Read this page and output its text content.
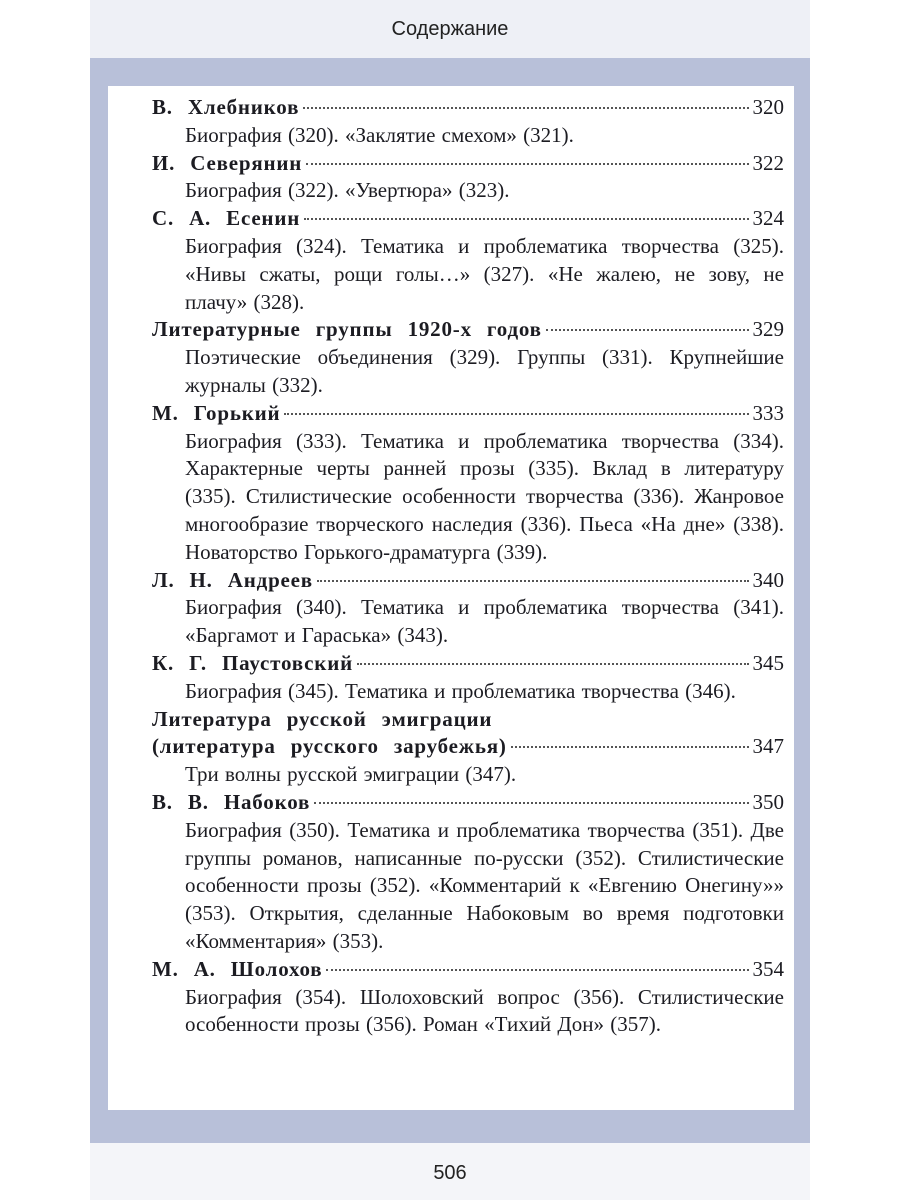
Содержание
В. Хлебников	320
Биография (320). «Заклятие смехом» (321).
И. Северянин	322
Биография (322). «Увертюра» (323).
С. А. Есенин	324
Биография (324). Тематика и проблематика творчества (325). «Нивы сжаты, рощи голы…» (327). «Не жалею, не зову, не плачу» (328).
Литературные группы 1920-х годов	329
Поэтические объединения (329). Группы (331). Крупнейшие журналы (332).
М. Горький	333
Биография (333). Тематика и проблематика творчества (334). Характерные черты ранней прозы (335). Вклад в литературу (335). Стилистические особенности творчества (336). Жанровое многообразие творческого наследия (336). Пьеса «На дне» (338). Новаторство Горького-драматурга (339).
Л. Н. Андреев	340
Биография (340). Тематика и проблематика творчества (341). «Баргамот и Гараська» (343).
К. Г. Паустовский	345
Биография (345). Тематика и проблематика творчества (346).
Литература русской эмиграции
(литература русского зарубежья)	347
Три волны русской эмиграции (347).
В. В. Набоков	350
Биография (350). Тематика и проблематика творчества (351). Две группы романов, написанные по-русски (352). Стилистические особенности прозы (352). «Комментарий к «Евгению Онегину»» (353). Открытия, сделанные Набоковым во время подготовки «Комментария» (353).
М. А. Шолохов	354
Биография (354). Шолоховский вопрос (356). Стилистические особенности прозы (356). Роман «Тихий Дон» (357).
506
